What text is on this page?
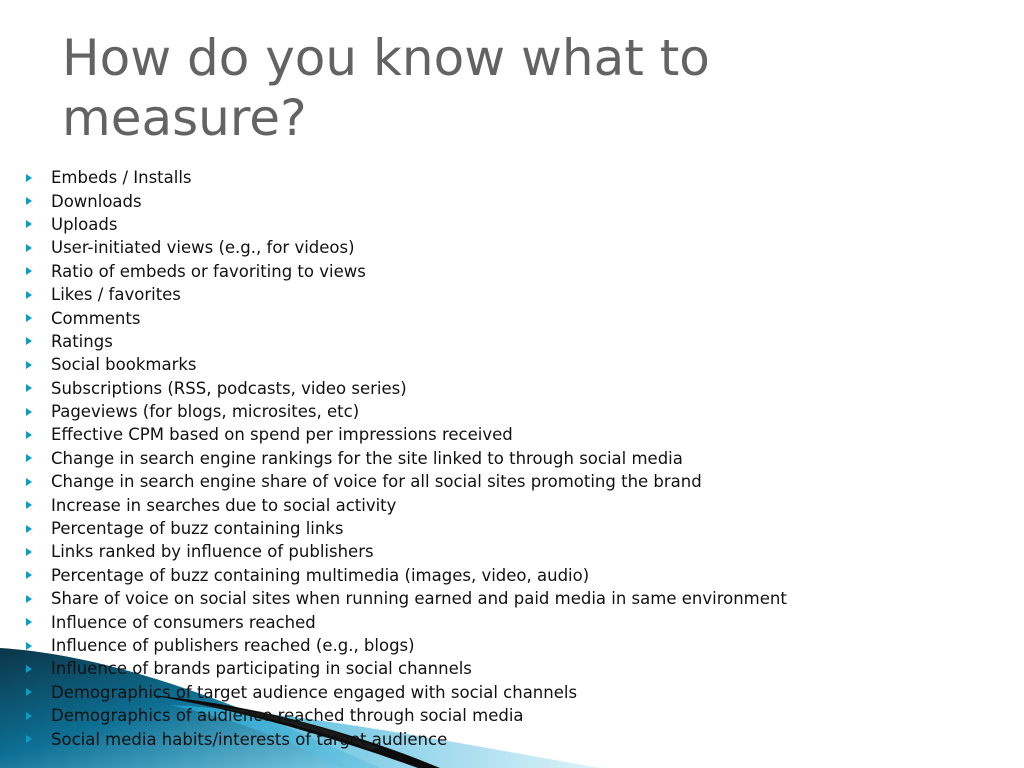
How do you know what to measure?
Embeds / Installs
Downloads
Uploads
User-initiated views (e.g., for videos)
Ratio of embeds or favoriting to views
Likes / favorites
Comments
Ratings
Social bookmarks
Subscriptions (RSS, podcasts, video series)
Pageviews (for blogs, microsites, etc)
Effective CPM based on spend per impressions received
Change in search engine rankings for the site linked to through social media
Change in search engine share of voice for all social sites promoting the brand
Increase in searches due to social activity
Percentage of buzz containing links
Links ranked by influence of publishers
Percentage of buzz containing multimedia (images, video, audio)
Share of voice on social sites when running earned and paid media in same environment
Influence of consumers reached
Influence of publishers reached (e.g., blogs)
Influence of brands participating in social channels
Demographics of target audience engaged with social channels
Demographics of audience reached through social media
Social media habits/interests of target audience
